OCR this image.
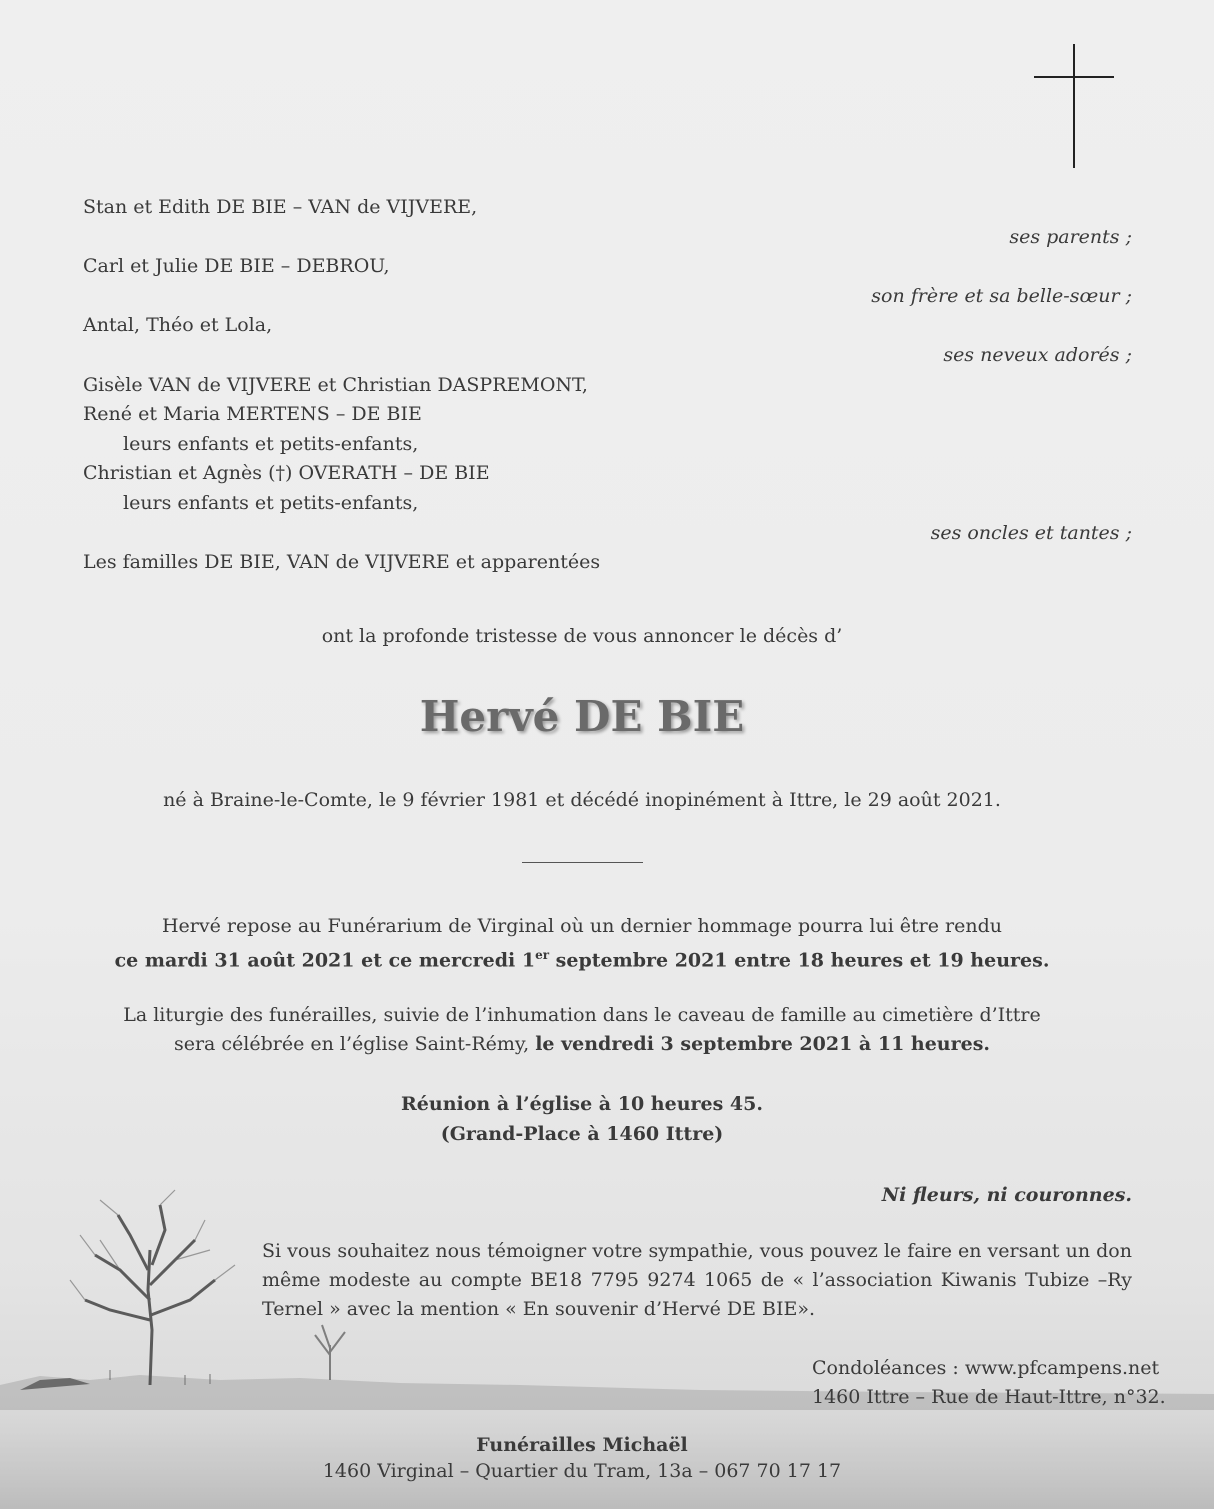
Stan et Edith DE BIE – VAN de VIJVERE,
ses parents ;
Carl et Julie DE BIE – DEBROU,
son frère et sa belle-sœur ;
Antal, Théo et Lola,
ses neveux adorés ;
Gisèle VAN de VIJVERE et Christian DASPREMONT,
René et Maria MERTENS – DE BIE
leurs enfants et petits-enfants,
Christian et Agnès (†) OVERATH – DE BIE
leurs enfants et petits-enfants,
ses oncles et tantes ;
Les familles DE BIE, VAN de VIJVERE et apparentées
ont la profonde tristesse de vous annoncer le décès d’
Hervé DE BIE
né à Braine-le-Comte, le 9 février 1981 et décédé inopinément à Ittre, le 29 août 2021.
Hervé repose au Funérarium de Virginal où un dernier hommage pourra lui être rendu
ce mardi 31 août 2021 et ce mercredi 1er septembre 2021 entre 18 heures et 19 heures.
La liturgie des funérailles, suivie de l’inhumation dans le caveau de famille au cimetière d’Ittre
sera célébrée en l’église Saint-Rémy, le vendredi 3 septembre 2021 à 11 heures.
Réunion à l’église à 10 heures 45.
(Grand-Place à 1460 Ittre)
Ni fleurs, ni couronnes.
Si vous souhaitez nous témoigner votre sympathie, vous pouvez le faire en versant un don
même modeste au compte BE18 7795 9274 1065 de « l’association Kiwanis Tubize –Ry
Ternel » avec la mention « En souvenir d’Hervé DE BIE».
Condoléances : www.pfcampens.net
1460 Ittre – Rue de Haut-Ittre, n°32.
Funérailles Michaël
1460 Virginal – Quartier du Tram, 13a – 067 70 17 17
